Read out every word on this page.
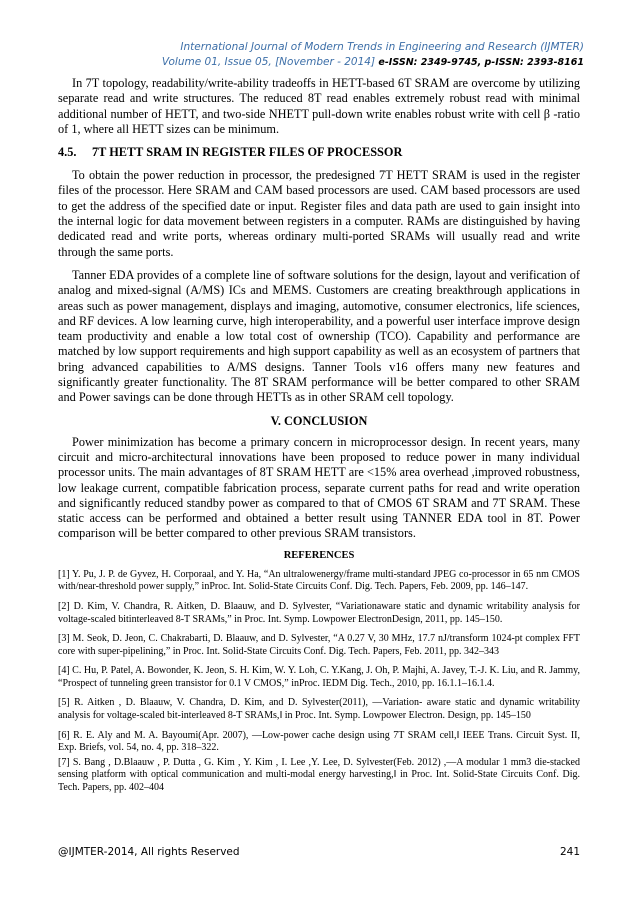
International Journal of Modern Trends in Engineering and Research (IJMTER)
Volume 01, Issue 05, [November - 2014] e-ISSN: 2349-9745, p-ISSN: 2393-8161

In 7T topology, readability/write-ability tradeoffs in HETT-based 6T SRAM are overcome by utilizing separate read and write structures. The reduced 8T read enables extremely robust read with minimal additional number of HETT, and two-side NHETT pull-down write enables robust write with cell β -ratio of 1, where all HETT sizes can be minimum.

4.5. 7T HETT SRAM IN REGISTER FILES OF PROCESSOR

To obtain the power reduction in processor, the predesigned 7T HETT SRAM is used in the register files of the processor. Here SRAM and CAM based processors are used. CAM based processors are used to get the address of the specified date or input. Register files and data path are used to gain insight into the internal logic for data movement between registers in a computer. RAMs are distinguished by having dedicated read and write ports, whereas ordinary multi-ported SRAMs will usually read and write through the same ports.

Tanner EDA provides of a complete line of software solutions for the design, layout and verification of analog and mixed-signal (A/MS) ICs and MEMS. Customers are creating breakthrough applications in areas such as power management, displays and imaging, automotive, consumer electronics, life sciences, and RF devices. A low learning curve, high interoperability, and a powerful user interface improve design team productivity and enable a low total cost of ownership (TCO). Capability and performance are matched by low support requirements and high support capability as well as an ecosystem of partners that bring advanced capabilities to A/MS designs. Tanner Tools v16 offers many new features and significantly greater functionality. The 8T SRAM performance will be better compared to other SRAM and Power savings can be done through HETTs as in other SRAM cell topology.

V. CONCLUSION

Power minimization has become a primary concern in microprocessor design. In recent years, many circuit and micro-architectural innovations have been proposed to reduce power in many individual processor units. The main advantages of 8T SRAM HETT are <15% area overhead ,improved robustness, low leakage current, compatible fabrication process, separate current paths for read and write operation and significantly reduced standby power as compared to that of CMOS 6T SRAM and 7T SRAM. These static access can be performed and obtained a better result using TANNER EDA tool in 8T. Power comparison will be better compared to other previous SRAM transistors.

REFERENCES

[1] Y. Pu, J. P. de Gyvez, H. Corporaal, and Y. Ha, “An ultralowenergy/frame multi-standard JPEG co-processor in 65 nm CMOS with/near-threshold power supply,” inProc. Int. Solid-State Circuits Conf. Dig. Tech. Papers, Feb. 2009, pp. 146–147.

[2] D. Kim, V. Chandra, R. Aitken, D. Blaauw, and D. Sylvester, “Variationaware static and dynamic writability analysis for voltage-scaled bitinterleaved 8-T SRAMs,” in Proc. Int. Symp. Lowpower ElectronDesign, 2011, pp. 145–150.

[3] M. Seok, D. Jeon, C. Chakrabarti, D. Blaauw, and D. Sylvester, “A 0.27 V, 30 MHz, 17.7 nJ/transform 1024-pt complex FFT core with super-pipelining,” in Proc. Int. Solid-State Circuits Conf. Dig. Tech. Papers, Feb. 2011, pp. 342–343

[4] C. Hu, P. Patel, A. Bowonder, K. Jeon, S. H. Kim, W. Y. Loh, C. Y.Kang, J. Oh, P. Majhi, A. Javey, T.-J. K. Liu, and R. Jammy, “Prospect of tunneling green transistor for 0.1 V CMOS,” inProc. IEDM Dig. Tech., 2010, pp. 16.1.1–16.1.4.

[5] R. Aitken , D. Blaauw, V. Chandra, D. Kim, and D. Sylvester(2011), ―Variation- aware static and dynamic writability analysis for voltage-scaled bit-interleaved 8-T SRAMs,‖ in Proc. Int. Symp. Lowpower Electron. Design, pp. 145–150

[6] R. E. Aly and M. A. Bayoumi(Apr. 2007), ―Low-power cache design using 7T SRAM cell,‖ IEEE Trans. Circuit Syst. II, Exp. Briefs, vol. 54, no. 4, pp. 318–322.

[7] S. Bang , D.Blaauw , P. Dutta , G. Kim , Y. Kim , I. Lee ,Y. Lee, D. Sylvester(Feb. 2012) ,―A modular 1 mm3 die-stacked sensing platform with optical communication and multi-modal energy harvesting,‖ in Proc. Int. Solid-State Circuits Conf. Dig. Tech. Papers, pp. 402–404

@IJMTER-2014, All rights Reserved	241
